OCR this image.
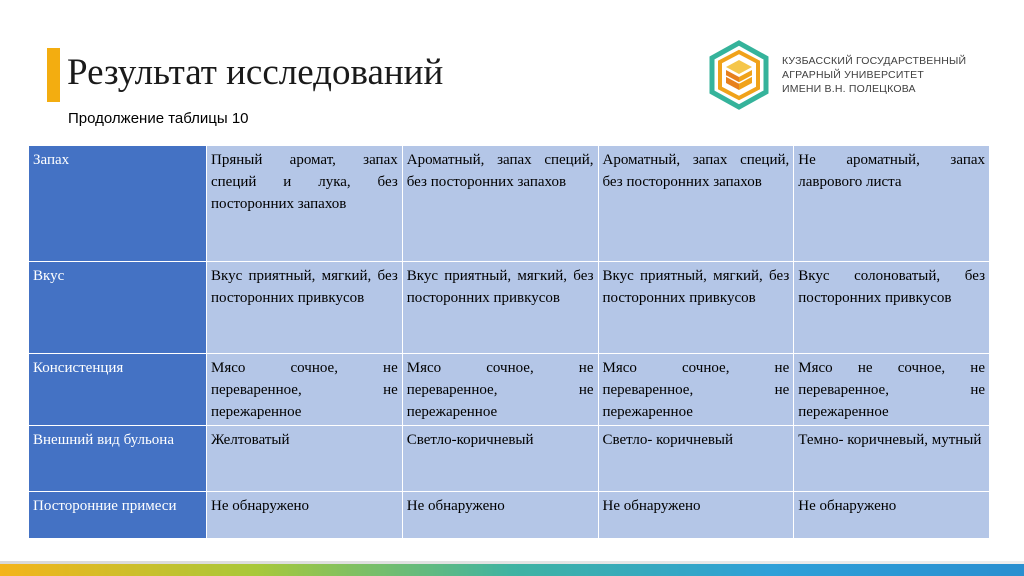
Результат исследований
Продолжение таблицы 10
КУЗБАССКИЙ ГОСУДАРСТВЕННЫЙ
АГРАРНЫЙ УНИВЕРСИТЕТ
ИМЕНИ В.Н. ПОЛЕЦКОВА
Запах	Пряный аромат, запах специй и лука, без посторонних запахов	Ароматный, запах специй, без посторонних запахов	Ароматный, запах специй, без посторонних запахов	Не ароматный, запах лаврового листа
Вкус	Вкус приятный, мягкий, без посторонних привкусов	Вкус приятный, мягкий, без посторонних привкусов	Вкус приятный, мягкий, без посторонних привкусов	Вкус солоноватый, без посторонних привкусов
Консистенция	Мясо сочное, не переваренное, не пережаренное	Мясо сочное, не переваренное, не пережаренное	Мясо сочное, не переваренное, не пережаренное	Мясо не сочное, не переваренное, не пережаренное
Внешний вид бульона	Желтоватый	Светло-коричневый	Светло- коричневый	Темно- коричневый, мутный
Посторонние примеси	Не обнаружено	Не обнаружено	Не обнаружено	Не обнаружено
